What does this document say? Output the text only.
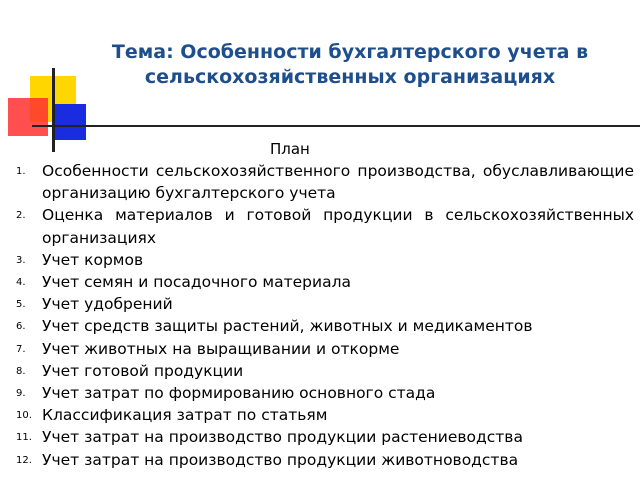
Тема: Особенности бухгалтерского учета в
сельскохозяйственных организациях
План
1. Особенности сельскохозяйственного производства, обуславливающие организацию бухгалтерского учета
2. Оценка материалов и готовой продукции в сельскохозяйственных организациях
3. Учет кормов
4. Учет семян и посадочного материала
5. Учет удобрений
6. Учет средств защиты растений, животных и медикаментов
7. Учет животных на выращивании и откорме
8. Учет готовой продукции
9. Учет затрат по формированию основного стада
10. Классификация затрат по статьям
11. Учет затрат на производство продукции растениеводства
12. Учет затрат на производство продукции животноводства
